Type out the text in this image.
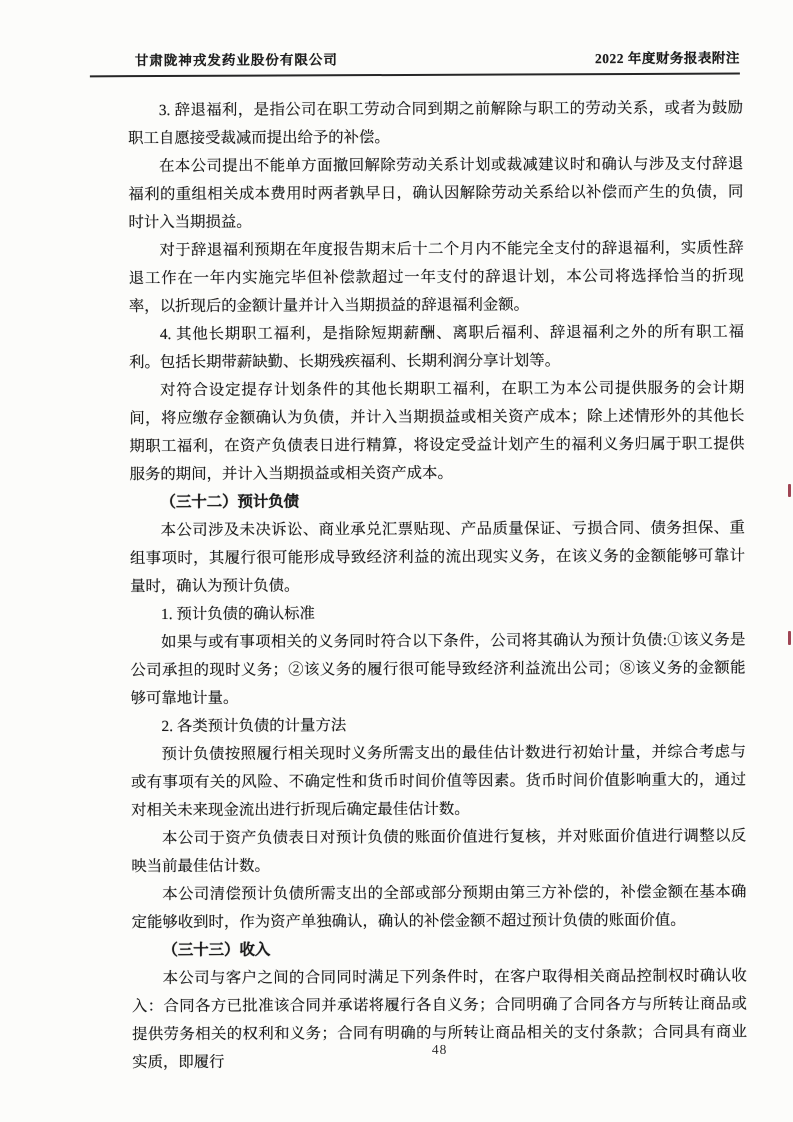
甘肃陇神戎发药业股份有限公司	2022 年度财务报表附注

3. 辞退福利，是指公司在职工劳动合同到期之前解除与职工的劳动关系，或者为鼓励职工自愿接受裁减而提出给予的补偿。

在本公司提出不能单方面撤回解除劳动关系计划或裁减建议时和确认与涉及支付辞退福利的重组相关成本费用时两者孰早日，确认因解除劳动关系给以补偿而产生的负债，同时计入当期损益。

对于辞退福利预期在年度报告期末后十二个月内不能完全支付的辞退福利，实质性辞退工作在一年内实施完毕但补偿款超过一年支付的辞退计划，本公司将选择恰当的折现率，以折现后的金额计量并计入当期损益的辞退福利金额。

4. 其他长期职工福利，是指除短期薪酬、离职后福利、辞退福利之外的所有职工福利。包括长期带薪缺勤、长期残疾福利、长期利润分享计划等。

对符合设定提存计划条件的其他长期职工福利，在职工为本公司提供服务的会计期间，将应缴存金额确认为负债，并计入当期损益或相关资产成本；除上述情形外的其他长期职工福利，在资产负债表日进行精算，将设定受益计划产生的福利义务归属于职工提供服务的期间，并计入当期损益或相关资产成本。

（三十二）预计负债

本公司涉及未决诉讼、商业承兑汇票贴现、产品质量保证、亏损合同、债务担保、重组事项时，其履行很可能形成导致经济利益的流出现实义务，在该义务的金额能够可靠计量时，确认为预计负债。

1. 预计负债的确认标准

如果与或有事项相关的义务同时符合以下条件，公司将其确认为预计负债:①该义务是公司承担的现时义务；②该义务的履行很可能导致经济利益流出公司；⑧该义务的金额能够可靠地计量。

2. 各类预计负债的计量方法

预计负债按照履行相关现时义务所需支出的最佳估计数进行初始计量，并综合考虑与或有事项有关的风险、不确定性和货币时间价值等因素。货币时间价值影响重大的，通过对相关未来现金流出进行折现后确定最佳估计数。

本公司于资产负债表日对预计负债的账面价值进行复核，并对账面价值进行调整以反映当前最佳估计数。

本公司清偿预计负债所需支出的全部或部分预期由第三方补偿的，补偿金额在基本确定能够收到时，作为资产单独确认，确认的补偿金额不超过预计负债的账面价值。

（三十三）收入

本公司与客户之间的合同同时满足下列条件时，在客户取得相关商品控制权时确认收入：合同各方已批准该合同并承诺将履行各自义务；合同明确了合同各方与所转让商品或提供劳务相关的权利和义务；合同有明确的与所转让商品相关的支付条款；合同具有商业实质，即履行

48
